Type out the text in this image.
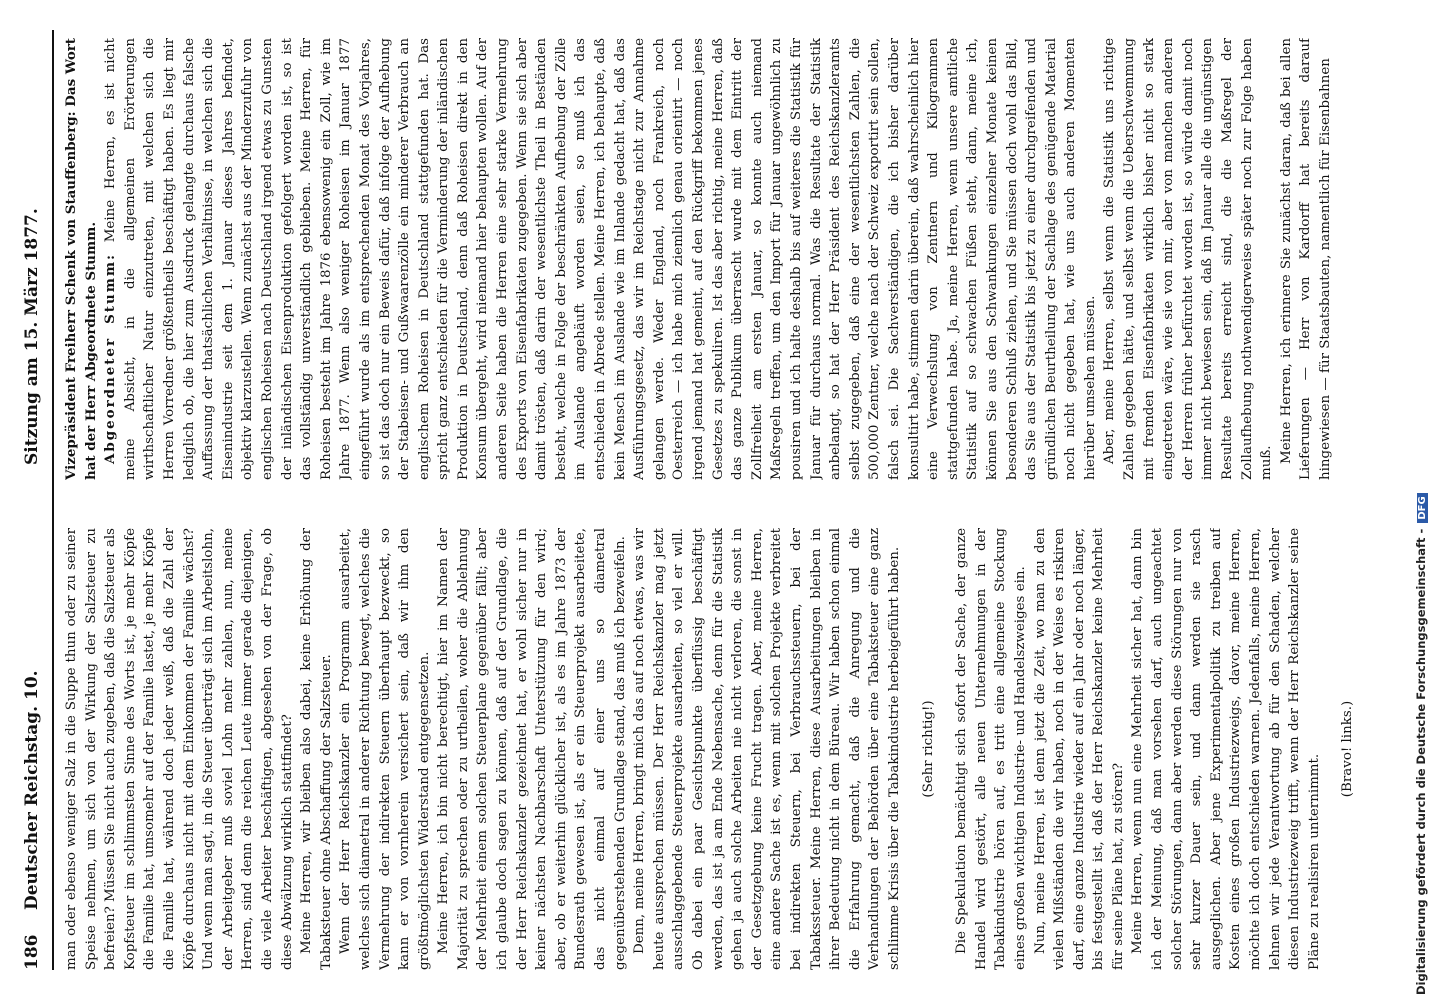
186
Deutscher Reichstag. 10.
Sitzung am 15. März 1877.

man oder ebenso weniger Salz in die Suppe thun oder zu seiner Speise nehmen, um sich von der Wirkung der Salzsteuer zu befreien? Müssen Sie nicht auch zugeben, daß die Salzsteuer als Kopfsteuer im schlimmsten Sinne des Worts ist, je mehr Köpfe die Familie hat, umsomehr auf der Familie lastet, je mehr Köpfe die Familie hat, während doch jeder weiß, daß die Zahl der Köpfe durchaus nicht mit dem Einkommen der Familie wächst? Und wenn man sagt, in die Steuer überträgt sich im Arbeitslohn, der Arbeitgeber muß soviel Lohn mehr zahlen, nun, meine Herren, sind denn die reichen Leute immer gerade diejenigen, die viele Arbeiter beschäftigen, abgesehen von der Frage, ob diese Abwälzung wirklich stattfindet? Meine Herren, wir bleiben also dabei, keine Erhöhung der Tabaksteuer ohne Abschaffung der Salzsteuer. Wenn der Herr Reichskanzler ein Programm ausarbeitet, welches sich diametral in anderer Richtung bewegt, welches die Vermehrung der indirekten Steuern überhaupt bezweckt, so kann er von vornherein versichert sein, daß wir ihm den größtmöglichsten Widerstand entgegensetzen. Meine Herren, ich bin nicht berechtigt, hier im Namen der Majorität zu sprechen oder zu urtheilen, woher die Ablehnung der Mehrheit einem solchen Steuerplane gegenüber fällt; aber ich glaube doch sagen zu können, daß auf der Grundlage, die der Herr Reichskanzler gezeichnet hat, er wohl sicher nur in keiner nächsten Nachbarschaft Unterstützung für den wird; aber, ob er weiterhin glücklicher ist, als es im Jahre 1873 der Bundesrath gewesen ist, als er ein Steuerprojekt ausarbeitete, das nicht einmal auf einer uns so diametral gegenüberstehenden Grundlage stand, das muß ich bezweifeln. Denn, meine Herren, bringt mich das auf noch etwas, was wir heute aussprechen müssen. Der Herr Reichskanzler mag jetzt ausschlaggebende Steuerprojekte ausarbeiten, so viel er will. Ob dabei ein paar Gesichtspunkte überflüssig beschäftigt werden, das ist ja am Ende Nebensache, denn für die Statistik gehen ja auch solche Arbeiten nie nicht verloren, die sonst in der Gesetzgebung keine Frucht tragen. Aber, meine Herren, eine andere Sache ist es, wenn mit solchen Projekte verbreitet bei indirekten Steuern, bei Verbrauchssteuern, bei der Tabakssteuer. Meine Herren, diese Ausarbeitungen bleiben in ihrer Bedeutung nicht in dem Büreau. Wir haben schon einmal die Erfahrung gemacht, daß die Anregung und die Verhandlungen der Behörden über eine Tabaksteuer eine ganz schlimme Krisis über die Tabakindustrie herbeigeführt haben. (Sehr richtig!) Die Spekulation bemächtigt sich sofort der Sache, der ganze Handel wird gestört, alle neuen Unternehmungen in der Tabakindustrie hören auf, es tritt eine allgemeine Stockung eines großen wichtigen Industrie- und Handelszweiges ein. Nun, meine Herren, ist denn jetzt die Zeit, wo man zu den vielen Mißständen die wir haben, noch in der Weise es riskiren darf, eine ganze Industrie wieder auf ein Jahr oder noch länger, bis festgestellt ist, daß der Herr Reichskanzler keine Mehrheit für seine Pläne hat, zu stören? Meine Herren, wenn nun eine Mehrheit sicher hat, dann bin ich der Meinung, daß man vorsehen darf, auch ungeachtet solcher Störungen, dann aber werden diese Störungen nur von sehr kurzer Dauer sein, und dann werden sie rasch ausgeglichen. Aber jene Experimentalpolitik zu treiben auf Kosten eines großen Industriezweigs, davor, meine Herren, möchte ich doch entschieden warnen. Jedenfalls, meine Herren, lehnen wir jede Verantwortung ab für den Schaden, welcher diesen Industriezweig trifft, wenn der Herr Reichskanzler seine Pläne zu realisiren unternimmt.

(Bravo! links.)

Vizepräsident Freiherr Schenk von Stauffenberg: Das Wort hat der Herr Abgeordnete Stumm. Abgeordneter Stumm: Meine Herren, es ist nicht meine Absicht, in die allgemeinen Erörterungen wirthschaftlicher Natur einzutreten, mit welchen sich die Herren Vorredner größtentheils beschäftigt haben. Es liegt mir lediglich ob, die hier zum Ausdruck gelangte durchaus falsche Auffassung der thatsächlichen Verhältnisse, in welchen sich die Eisenindustrie seit dem 1. Januar dieses Jahres befindet, objektiv klarzustellen. Wenn zunächst aus der Minderzufuhr von englischen Roheisen nach Deutschland irgend etwas zu Gunsten der inländischen Eisenproduktion gefolgert worden ist, so ist das vollständig unverständlich geblieben. Meine Herren, für Roheisen besteht im Jahre 1876 ebensowenig ein Zoll, wie im Jahre 1877. Wenn also weniger Roheisen im Januar 1877 eingeführt wurde als im entsprechenden Monat des Vorjahres, so ist das doch nur ein Beweis dafür, daß infolge der Aufhebung der Stabeisen- und Gußwaarenzölle ein minderer Verbrauch an englischem Roheisen in Deutschland stattgefunden hat. Das spricht ganz entschieden für die Verminderung der inländischen Produktion in Deutschland, denn daß Roheisen direkt in den Konsum übergeht, wird niemand hier behaupten wollen. Auf der anderen Seite haben die Herren eine sehr starke Vermehrung des Exports von Eisenfabrikaten zugegeben. Wenn sie sich aber damit trösten, daß darin der wesentlichste Theil in Beständen besteht, welche in Folge der beschränkten Aufhebung der Zölle im Auslande angehäuft worden seien, so muß ich das entschieden in Abrede stellen. Meine Herren, ich behaupte, daß kein Mensch im Auslande wie im Inlande gedacht hat, daß das Ausführungsgesetz, das wir im Reichstage nicht zur Annahme gelangen werde. Weder England, noch Frankreich, noch Oesterreich — ich habe mich ziemlich genau orientirt — noch irgend jemand hat gemeint, auf den Rückgriff bekommen jenes Gesetzes zu spekuliren. Ist das aber richtig, meine Herren, daß das ganze Publikum überrascht wurde mit dem Eintritt der Zollfreiheit am ersten Januar, so konnte auch niemand Maßregeln treffen, um den Import für Januar ungewöhnlich zu pousiren und ich halte deshalb bis auf weiteres die Statistik für Januar für durchaus normal. Was die Resultate der Statistik anbelangt, so hat der Herr Präsident des Reichskanzleramts selbst zugegeben, daß eine der wesentlichsten Zahlen, die 500,000 Zentner, welche nach der Schweiz exportirt sein sollen, falsch sei. Die Sachverständigen, die ich bisher darüber konsultirt habe, stimmen darin überein, daß wahrscheinlich hier eine Verwechslung von Zentnern und Kilogrammen stattgefunden habe. Ja, meine Herren, wenn unsere amtliche Statistik auf so schwachen Füßen steht, dann, meine ich, können Sie aus den Schwankungen einzelner Monate keinen besonderen Schluß ziehen, und Sie müssen doch wohl das Bild, das Sie aus der Statistik bis jetzt zu einer durchgreifenden und gründlichen Beurtheilung der Sachlage des genügende Material noch nicht gegeben hat, wie uns auch anderen Momenten hierüber umsehen müssen. Aber, meine Herren, selbst wenn die Statistik uns richtige Zahlen gegeben hätte, und selbst wenn die Ueberschwemmung mit fremden Eisenfabrikaten wirklich bisher nicht so stark eingetreten wäre, wie sie von mir, aber von manchen anderen der Herren früher befürchtet worden ist, so würde damit noch immer nicht bewiesen sein, daß im Januar alle die ungünstigen Resultate bereits erreicht sind, die die Maßregel der Zollaufhebung nothwendigerweise später noch zur Folge haben muß. Meine Herren, ich erinnere Sie zunächst daran, daß bei allen Lieferungen — Herr von Kardorff hat bereits darauf hingewiesen — für Staatsbauten, namentlich für Eisenbahnen

Digitalisierung gefördert durch die Deutsche Forschungsgemeinschaft -DFG
